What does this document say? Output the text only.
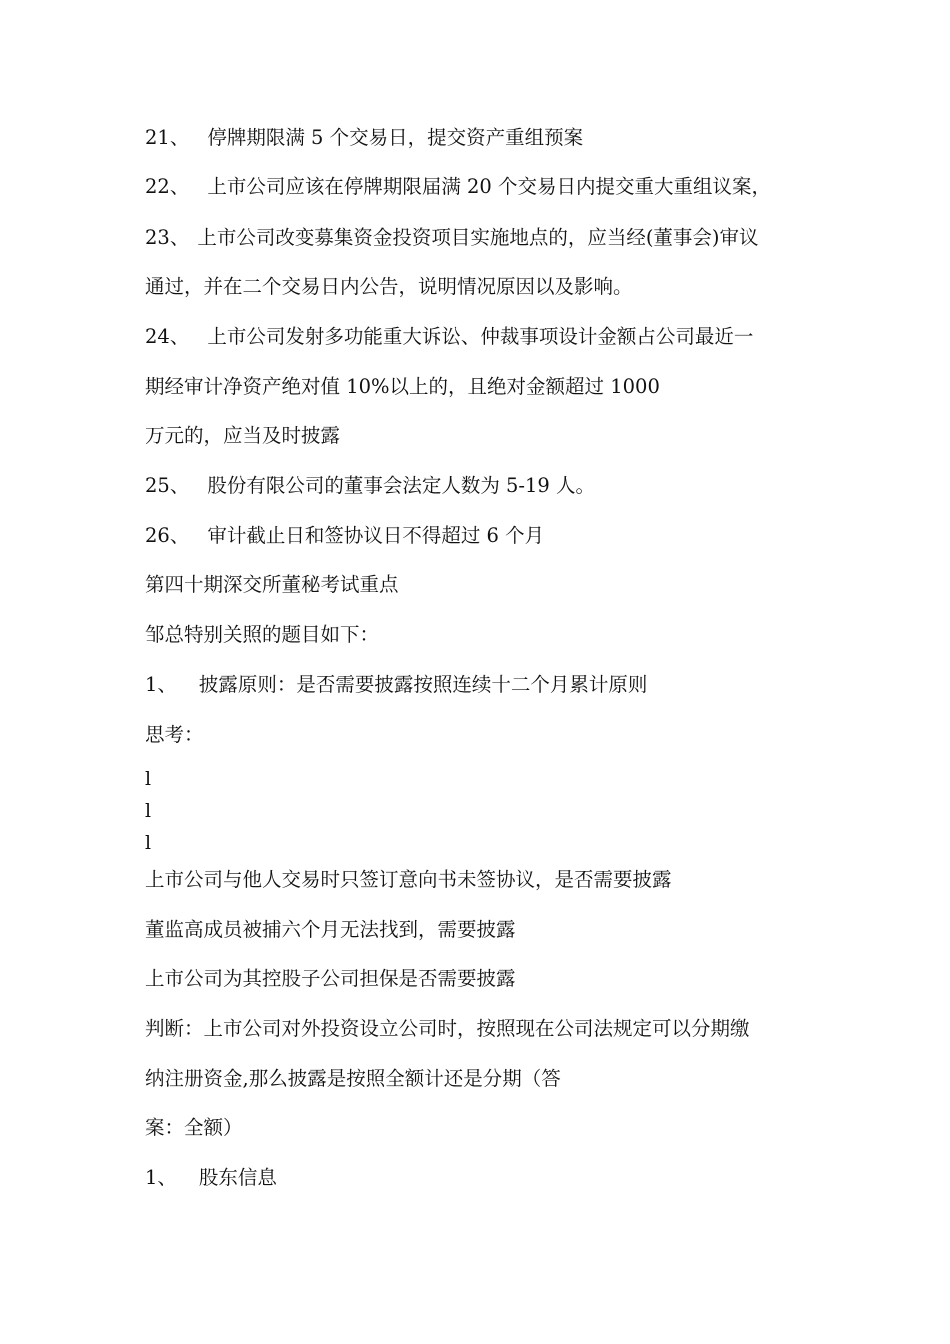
21、 停牌期限满 5 个交易日，提交资产重组预案
22、 上市公司应该在停牌期限届满 20 个交易日内提交重大重组议案，
23、 上市公司改变募集资金投资项目实施地点的，应当经(董事会)审议
通过，并在二个交易日内公告，说明情况原因以及影响。
24、 上市公司发射多功能重大诉讼、仲裁事项设计金额占公司最近一
期经审计净资产绝对值 10%以上的，且绝对金额超过 1000
万元的，应当及时披露
25、 股份有限公司的董事会法定人数为 5-19 人。
26、 审计截止日和签协议日不得超过 6 个月
第四十期深交所董秘考试重点
邹总特别关照的题目如下：
1、 披露原则：是否需要披露按照连续十二个月累计原则
思考：
l
l
l
上市公司与他人交易时只签订意向书未签协议，是否需要披露
董监高成员被捕六个月无法找到，需要披露
上市公司为其控股子公司担保是否需要披露
判断：上市公司对外投资设立公司时，按照现在公司法规定可以分期缴
纳注册资金,那么披露是按照全额计还是分期（答
案：全额）
1、 股东信息
